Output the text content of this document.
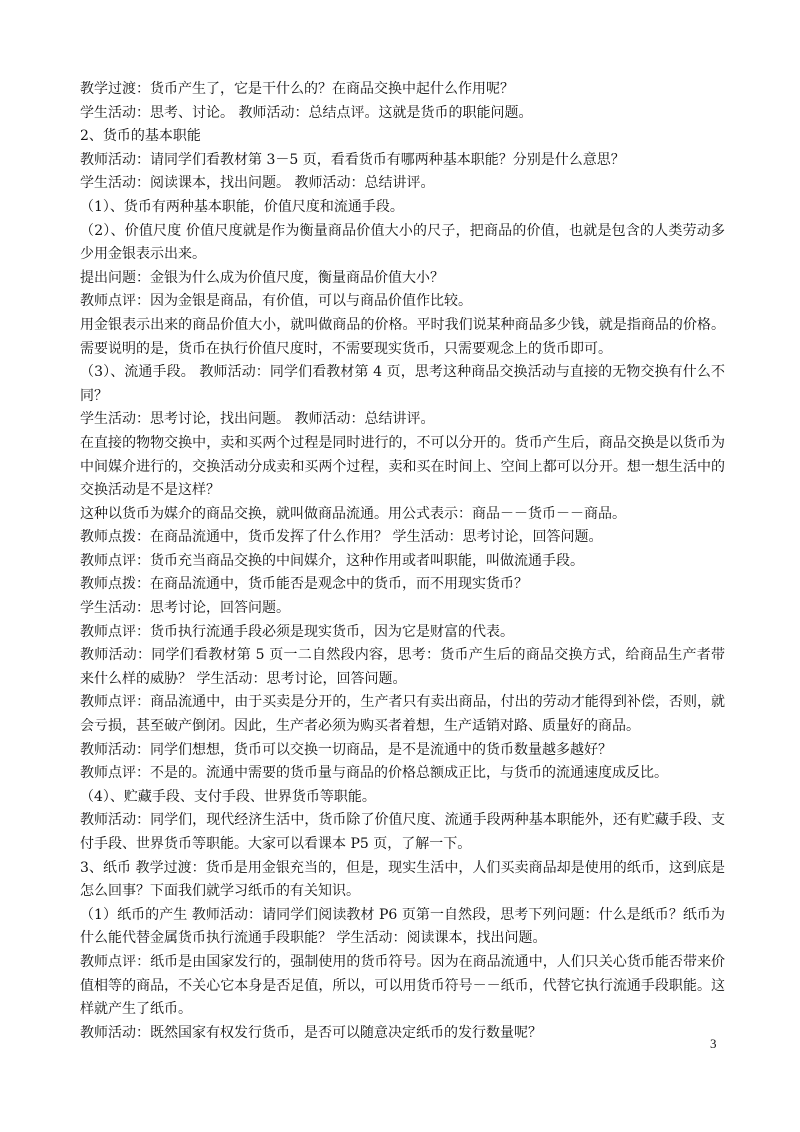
教学过渡：货币产生了，它是干什么的？在商品交换中起什么作用呢？

学生活动：思考、讨论。 教师活动：总结点评。这就是货币的职能问题。

2、货币的基本职能

教师活动：请同学们看教材第 3－5 页，看看货币有哪两种基本职能？分别是什么意思？

学生活动：阅读课本，找出问题。 教师活动：总结讲评。

（1）、货币有两种基本职能，价值尺度和流通手段。

（2）、价值尺度 价值尺度就是作为衡量商品价值大小的尺子，把商品的价值，也就是包含的人类劳动多少用金银表示出来。

提出问题：金银为什么成为价值尺度，衡量商品价值大小？

教师点评：因为金银是商品，有价值，可以与商品价值作比较。

用金银表示出来的商品价值大小，就叫做商品的价格。平时我们说某种商品多少钱，就是指商品的价格。需要说明的是，货币在执行价值尺度时，不需要现实货币，只需要观念上的货币即可。

（3）、流通手段。 教师活动：同学们看教材第 4 页，思考这种商品交换活动与直接的无物交换有什么不同？

学生活动：思考讨论，找出问题。 教师活动：总结讲评。

在直接的物物交换中，卖和买两个过程是同时进行的，不可以分开的。货币产生后，商品交换是以货币为中间媒介进行的，交换活动分成卖和买两个过程，卖和买在时间上、空间上都可以分开。想一想生活中的交换活动是不是这样？

这种以货币为媒介的商品交换，就叫做商品流通。用公式表示：商品－－货币－－商品。

教师点拨：在商品流通中，货币发挥了什么作用？ 学生活动：思考讨论，回答问题。

教师点评：货币充当商品交换的中间媒介，这种作用或者叫职能，叫做流通手段。

教师点拨：在商品流通中，货币能否是观念中的货币，而不用现实货币？

学生活动：思考讨论，回答问题。

教师点评：货币执行流通手段必须是现实货币，因为它是财富的代表。

教师活动：同学们看教材第 5 页一二自然段内容，思考：货币产生后的商品交换方式，给商品生产者带来什么样的威胁？ 学生活动：思考讨论，回答问题。

教师点评：商品流通中，由于买卖是分开的，生产者只有卖出商品，付出的劳动才能得到补偿，否则，就会亏损，甚至破产倒闭。因此，生产者必须为购买者着想，生产适销对路、质量好的商品。

教师活动：同学们想想，货币可以交换一切商品，是不是流通中的货币数量越多越好？

教师点评：不是的。流通中需要的货币量与商品的价格总额成正比，与货币的流通速度成反比。

（4）、贮藏手段、支付手段、世界货币等职能。

教师活动：同学们，现代经济生活中，货币除了价值尺度、流通手段两种基本职能外，还有贮藏手段、支付手段、世界货币等职能。大家可以看课本 P5 页，了解一下。

3、纸币 教学过渡：货币是用金银充当的，但是，现实生活中，人们买卖商品却是使用的纸币，这到底是怎么回事？下面我们就学习纸币的有关知识。

（1）纸币的产生 教师活动：请同学们阅读教材 P6 页第一自然段，思考下列问题：什么是纸币？纸币为什么能代替金属货币执行流通手段职能？ 学生活动：阅读课本，找出问题。

教师点评：纸币是由国家发行的，强制使用的货币符号。因为在商品流通中，人们只关心货币能否带来价值相等的商品，不关心它本身是否足值，所以，可以用货币符号－－纸币，代替它执行流通手段职能。这样就产生了纸币。

教师活动：既然国家有权发行货币，是否可以随意决定纸币的发行数量呢？

3
